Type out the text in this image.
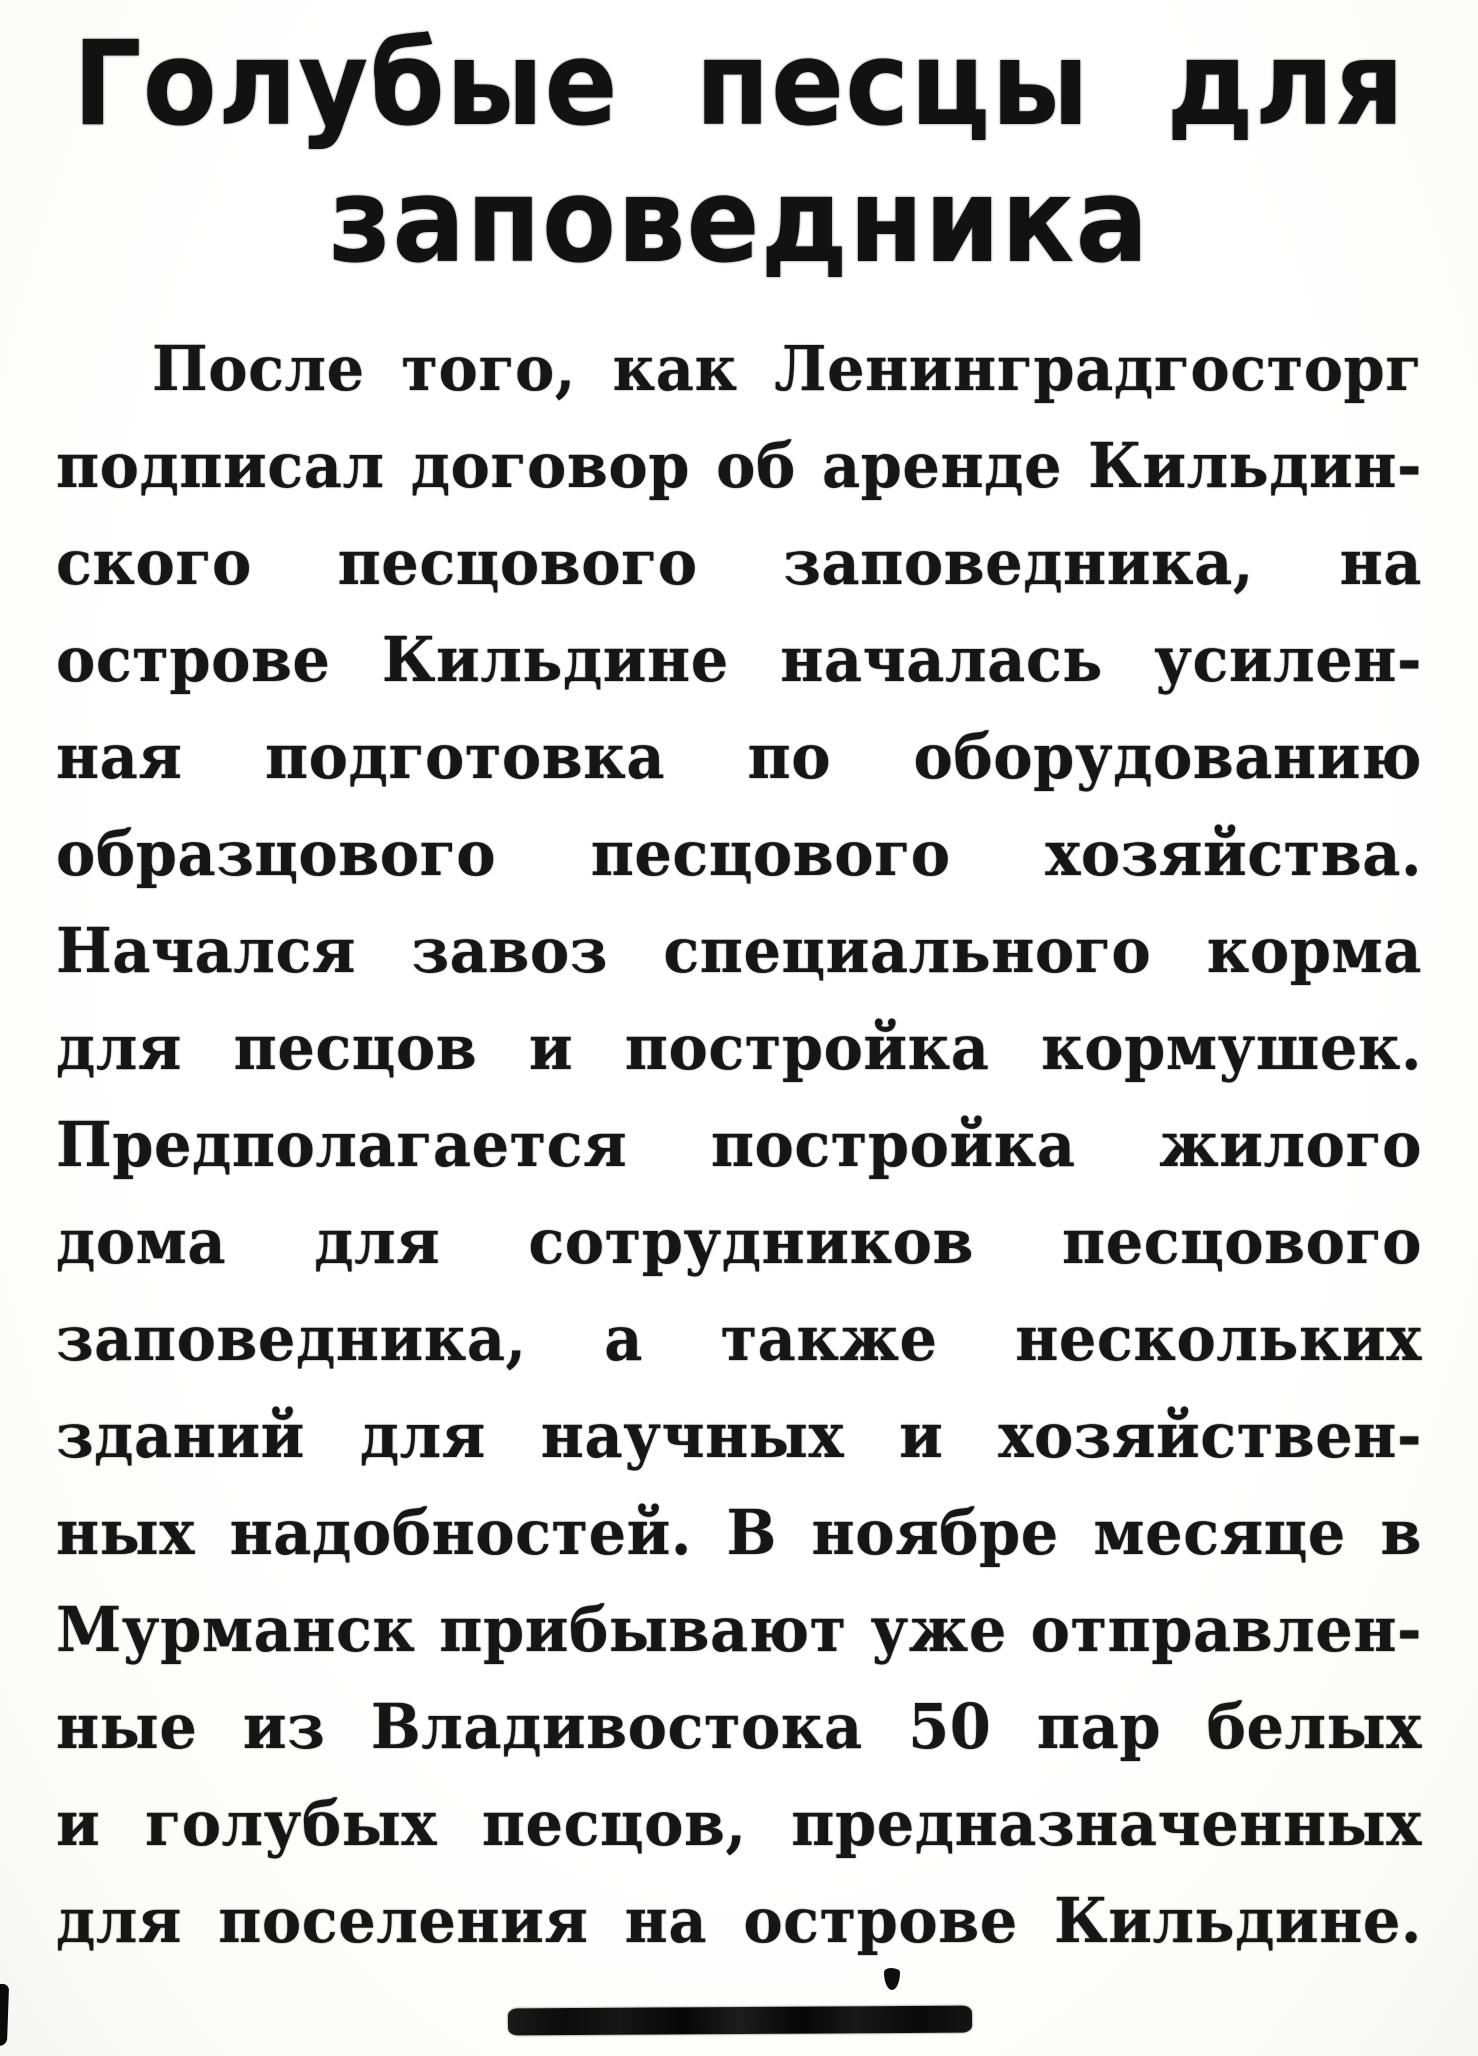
Голубые песцы для
заповедника
После того, как Ленинградгосторг
подписал договор об аренде Кильдин-
ского песцового заповедника, на
острове Кильдине началась усилен-
ная подготовка по оборудованию
образцового песцового хозяйства.
Начался завоз специального корма
для песцов и постройка кормушек.
Предполагается постройка жилого
дома для сотрудников песцового
заповедника, а также нескольких
зданий для научных и хозяйствен-
ных надобностей. В ноябре месяце в
Мурманск прибывают уже отправлен-
ные из Владивостока 50 пар белых
и голубых песцов, предназначенных
для поселения на острове Кильдине.
